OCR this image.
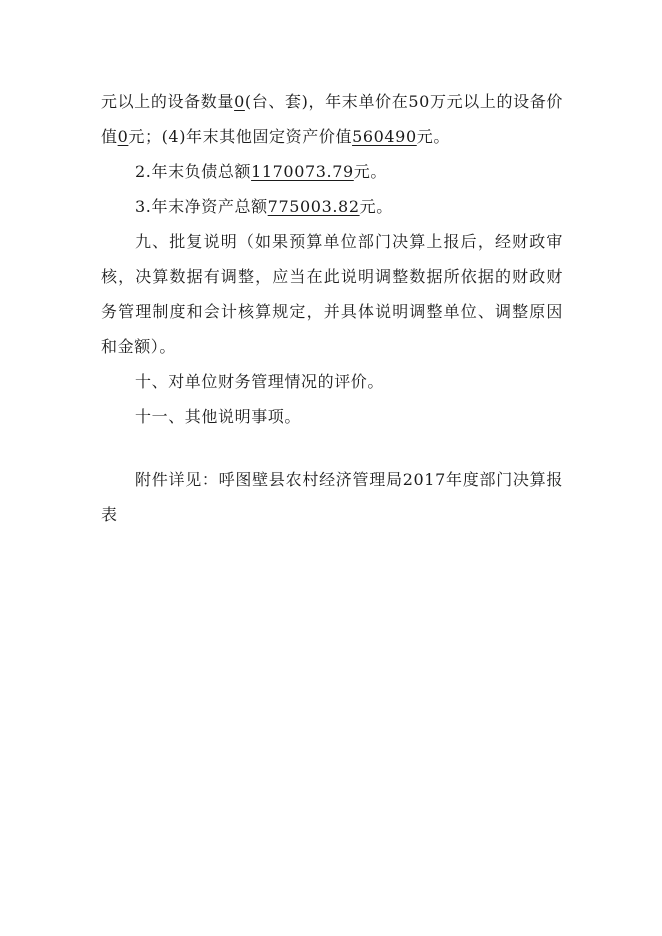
元以上的设备数量0(台、套)，年末单价在50万元以上的设备价值0元；(4)年末其他固定资产价值560490元。

2.年末负债总额1170073.79元。

3.年末净资产总额775003.82元。

九、批复说明（如果预算单位部门决算上报后，经财政审核，决算数据有调整，应当在此说明调整数据所依据的财政财务管理制度和会计核算规定，并具体说明调整单位、调整原因和金额）。

十、对单位财务管理情况的评价。

十一、其他说明事项。

附件详见：呼图壁县农村经济管理局2017年度部门决算报表
